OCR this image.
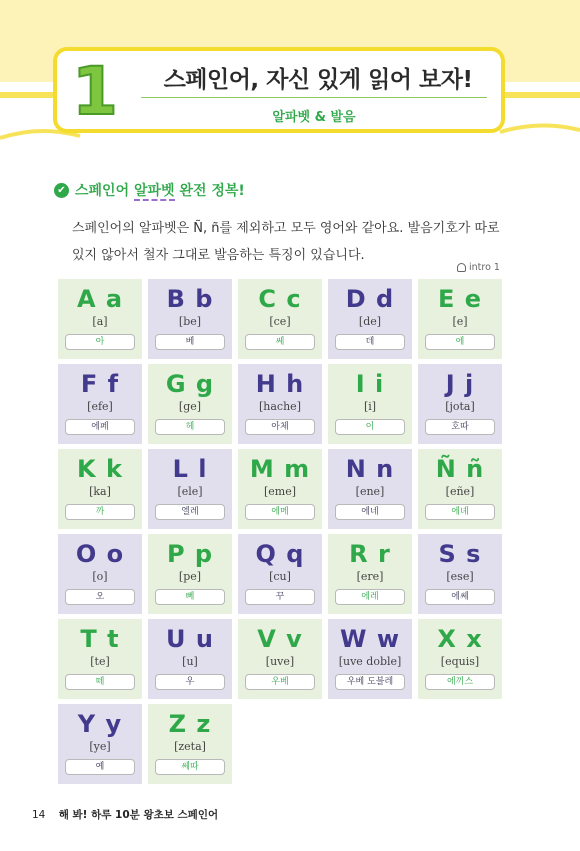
1	스페인어, 자신 있게 읽어 보자!
알파벳 & 발음
✔ 스페인어 알파벳 완전 정복!
스페인어의 알파벳은 Ñ, ñ를 제외하고 모두 영어와 같아요. 발음기호가 따로
있지 않아서 철자 그대로 발음하는 특징이 있습니다.
intro 1
A a
[a]
아
B b
[be]
베
C c
[ce]
쎄
D d
[de]
데
E e
[e]
에
F f
[efe]
에페
G g
[ge]
헤
H h
[hache]
아체
I i
[i]
이
J j
[jota]
호따
K k
[ka]
까
L l
[ele]
엘레
M m
[eme]
에메
N n
[ene]
에네
Ñ ñ
[eñe]
에녜
O o
[o]
오
P p
[pe]
뻬
Q q
[cu]
꾸
R r
[ere]
에레
S s
[ese]
에쎄
T t
[te]
떼
U u
[u]
우
V v
[uve]
우베
W w
[uve doble]
우베 도블레
X x
[equis]
에끼스
Y y
[ye]
예
Z z
[zeta]
쎄따
14 해 봐! 하루 10분 왕초보 스페인어
